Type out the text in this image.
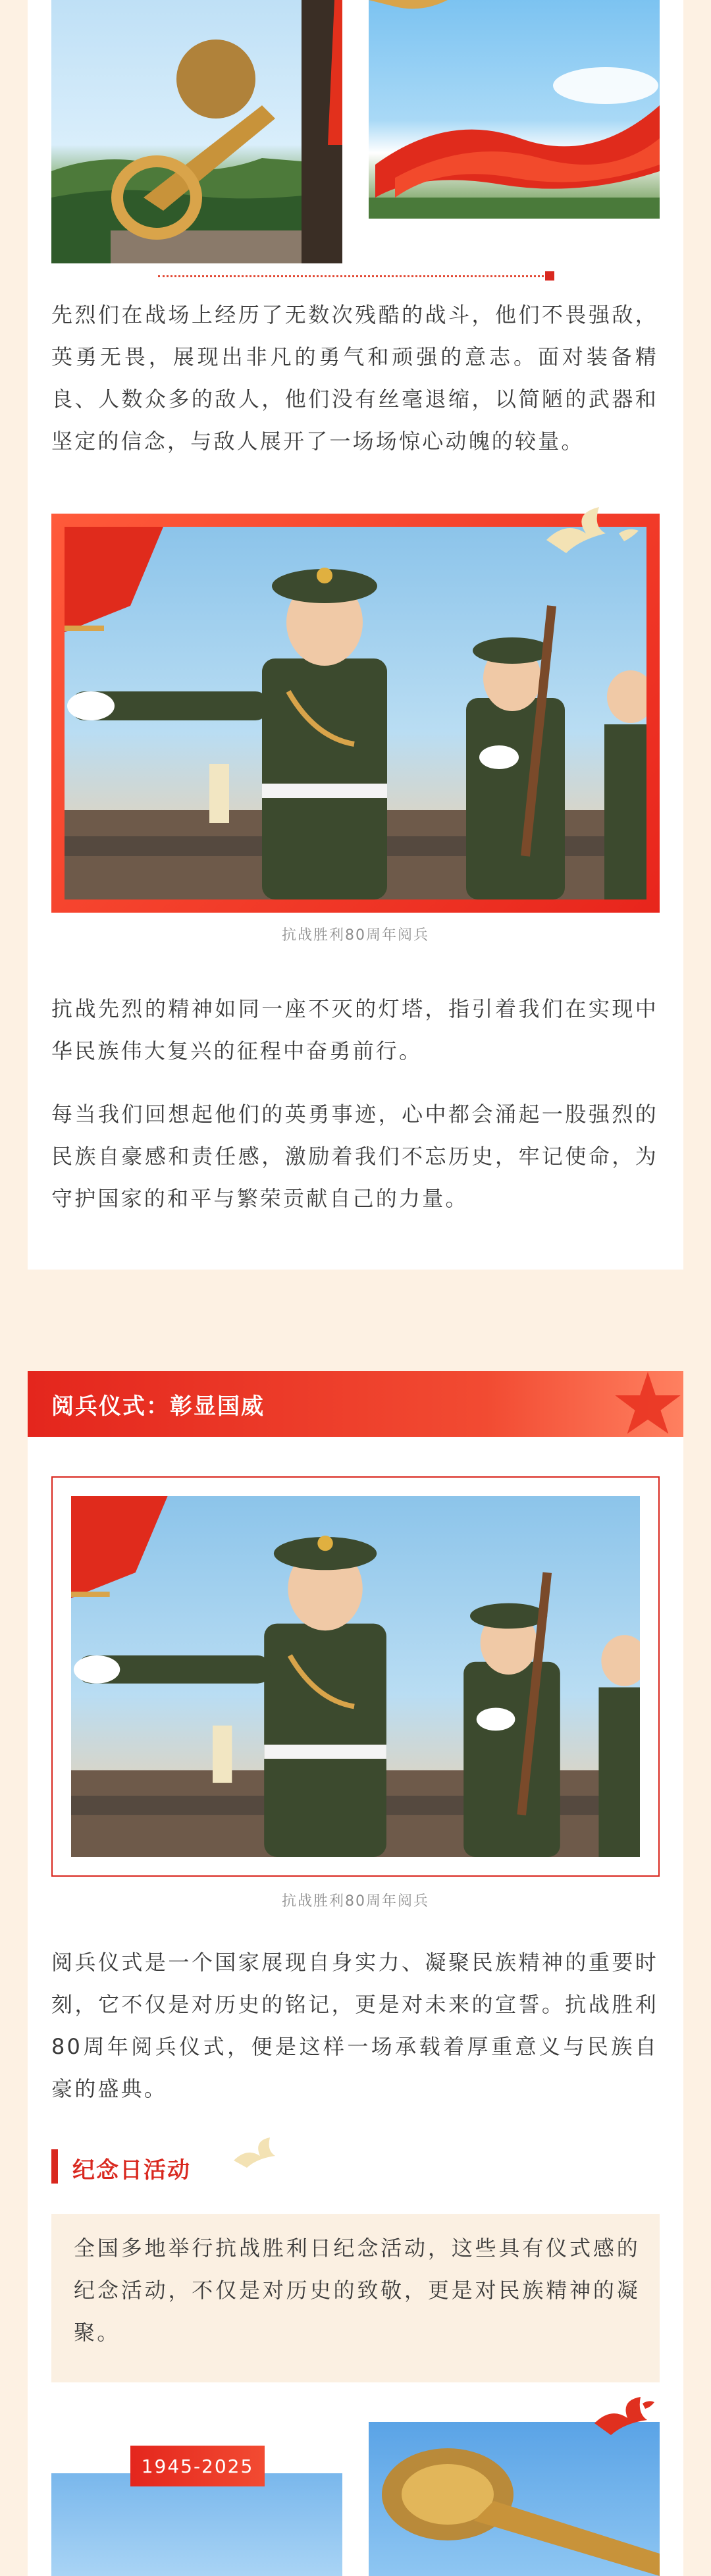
先烈们在战场上经历了无数次残酷的战斗，他们不畏强敌，英勇无畏，展现出非凡的勇气和顽强的意志。面对装备精良、人数众多的敌人，他们没有丝毫退缩，以简陋的武器和坚定的信念，与敌人展开了一场场惊心动魄的较量。
抗战胜利80周年阅兵
抗战先烈的精神如同一座不灭的灯塔，指引着我们在实现中华民族伟大复兴的征程中奋勇前行。
每当我们回想起他们的英勇事迹，心中都会涌起一股强烈的民族自豪感和责任感，激励着我们不忘历史，牢记使命，为守护国家的和平与繁荣贡献自己的力量。
阅兵仪式：彰显国威
抗战胜利80周年阅兵
阅兵仪式是一个国家展现自身实力、凝聚民族精神的重要时刻，它不仅是对历史的铭记，更是对未来的宣誓。抗战胜利80周年阅兵仪式，便是这样一场承载着厚重意义与民族自豪的盛典。
纪念日活动
全国多地举行抗战胜利日纪念活动，这些具有仪式感的纪念活动，不仅是对历史的致敬，更是对民族精神的凝聚。
1945-2025
